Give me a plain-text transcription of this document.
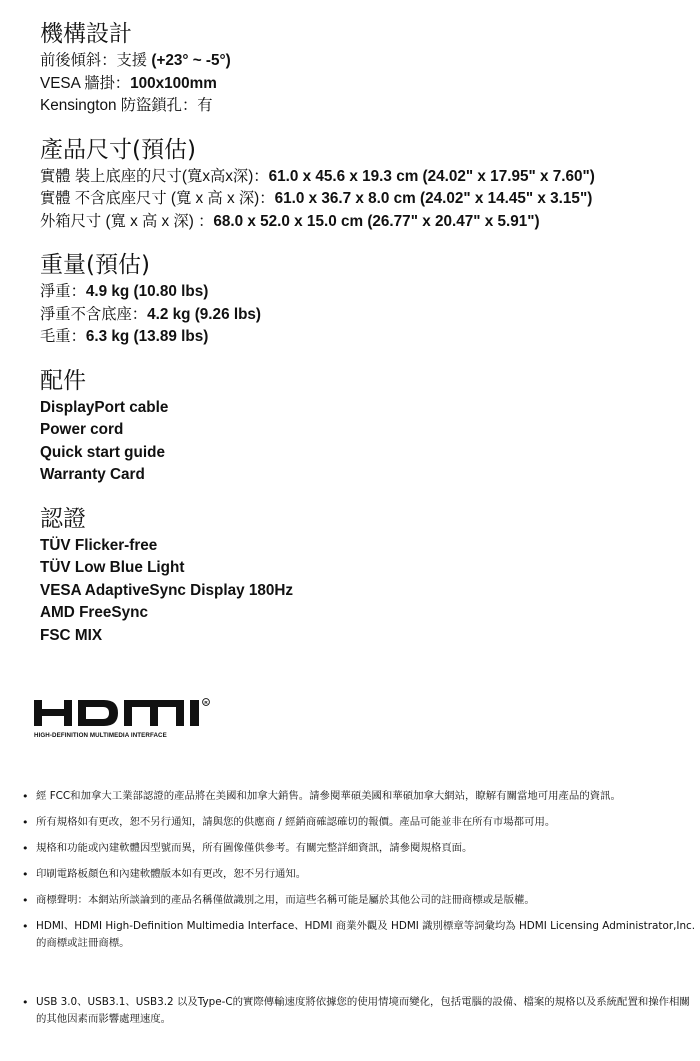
機構設計
前後傾斜：支援 (+23° ~ -5°)
VESA 牆掛：100x100mm
Kensington 防盜鎖孔：有
產品尺寸(預估)
實體 裝上底座的尺寸(寬x高x深)：61.0 x 45.6 x 19.3 cm (24.02" x 17.95" x 7.60")
實體 不含底座尺寸 (寬 x 高 x 深)：61.0 x 36.7 x 8.0 cm (24.02" x 14.45" x 3.15")
外箱尺寸 (寬 x 高 x 深) ：68.0 x 52.0 x 15.0 cm (26.77" x 20.47" x 5.91")
重量(預估)
淨重：4.9 kg (10.80 lbs)
淨重不含底座：4.2 kg (9.26 lbs)
毛重：6.3 kg (13.89 lbs)
配件
DisplayPort cable
Power cord
Quick start guide
Warranty Card
認證
TÜV Flicker-free
TÜV Low Blue Light
VESA AdaptiveSync Display 180Hz
AMD FreeSync
FSC MIX
R
HIGH-DEFINITION MULTIMEDIA INTERFACE
• 經 FCC和加拿大工業部認證的產品將在美國和加拿大銷售。請參閱華碩美國和華碩加拿大網站，瞭解有關當地可用產品的資訊。
• 所有規格如有更改，恕不另行通知，請與您的供應商 / 經銷商確認確切的報價。產品可能並非在所有市場都可用。
• 規格和功能或內建軟體因型號而異，所有圖像僅供參考。有關完整詳細資訊，請參閱規格頁面。
• 印刷電路板顏色和內建軟體版本如有更改，恕不另行通知。
• 商標聲明：本網站所談論到的產品名稱僅做識別之用，而這些名稱可能是屬於其他公司的註冊商標或是版權。
• HDMI、HDMI High-Definition Multimedia Interface、HDMI 商業外觀及 HDMI 識別標章等詞彙均為 HDMI Licensing Administrator,Inc. 的商標或註冊商標。
• USB 3.0、USB3.1、USB3.2 以及Type-C的實際傳輸速度將依據您的使用情境而變化，包括電腦的設備、檔案的規格以及系統配置和操作相關的其他因素而影響處理速度。
